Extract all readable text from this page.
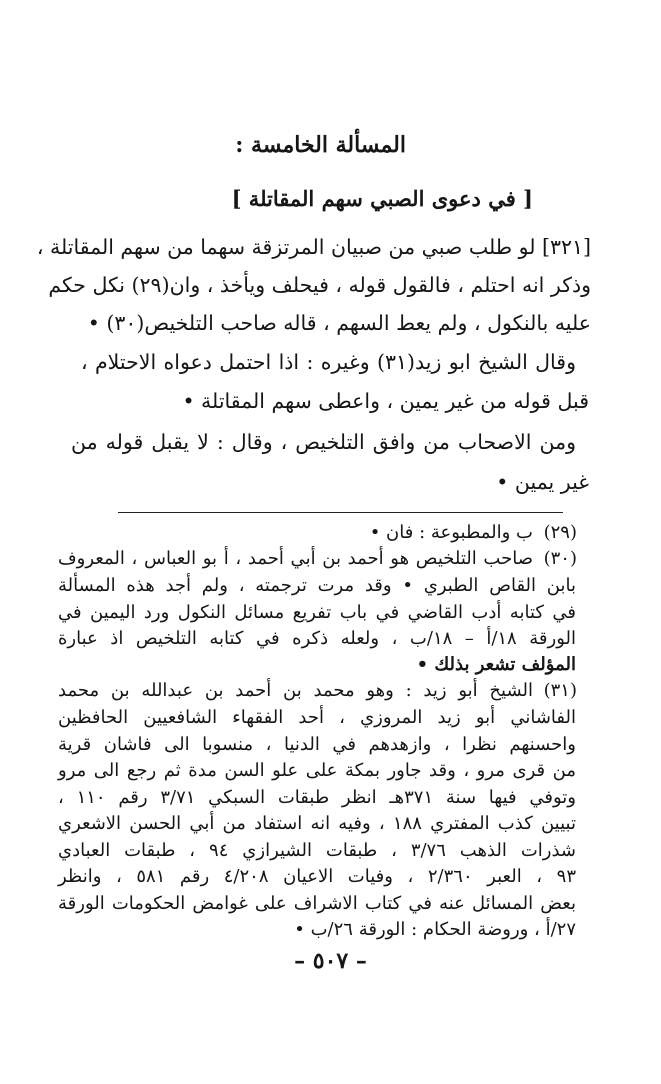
المسألة الخامسة :
[ في دعوى الصبي سهم المقاتلة ]
[٣٢١] لو طلب صبي من صبيان المرتزقة سهما من سهم المقاتلة ،
وذكر انه احتلم ، فالقول قوله ، فيحلف ويأخذ ، وان(٢٩) نكل حكم
عليه بالنكول ، ولم يعط السهم ، قاله صاحب التلخيص(٣٠) •
وقال الشيخ ابو زيد(٣١) وغيره : اذا احتمل دعواه الاحتلام ،
قبل قوله من غير يمين ، واعطى سهم المقاتلة •
ومن الاصحاب من وافق التلخيص ، وقال : لا يقبل قوله من
غير يمين •
(٢٩)
ب والمطبوعة : فان •
(٣٠)
صاحب التلخيص هو أحمد بن أبي أحمد ، أ بو العباس ، المعروف
بابن القاص الطبري • وقد مرت ترجمته ، ولم أجد هذه المسألة
في كتابه أدب القاضي في باب تفريع مسائل النكول ورد اليمين في
الورقة ١٨/أ – ١٨/ب ، ولعله ذكره في كتابه التلخيص اذ عبارة
المؤلف تشعر بذلك •
(٣١)
الشيخ أبو زيد : وهو محمد بن أحمد بن عبدالله بن محمد
الفاشاني أبو زيد المروزي ، أحد الفقهاء الشافعيين الحافظين
واحسنهم نظرا ، وازهدهم في الدنيا ، منسوبا الى فاشان قرية
من قرى مرو ، وقد جاور بمكة على علو السن مدة ثم رجع الى مرو
وتوفي فيها سنة ٣٧١هـ انظر طبقات السبكي ٣/٧١ رقم ١١٠ ،
تبيين كذب المفتري ١٨٨ ، وفيه انه استفاد من أبي الحسن الاشعري
شذرات الذهب ٣/٧٦ ، طبقات الشيرازي ٩٤ ، طبقات العبادي
٩٣ ، العبر ٢/٣٦٠ ، وفيات الاعيان ٤/٢٠٨ رقم ٥٨١ ، وانظر
بعض المسائل عنه في كتاب الاشراف على غوامض الحكومات الورقة
٢٧/أ ، وروضة الحكام : الورقة ٢٦/ب •
– ٥٠٧ –
